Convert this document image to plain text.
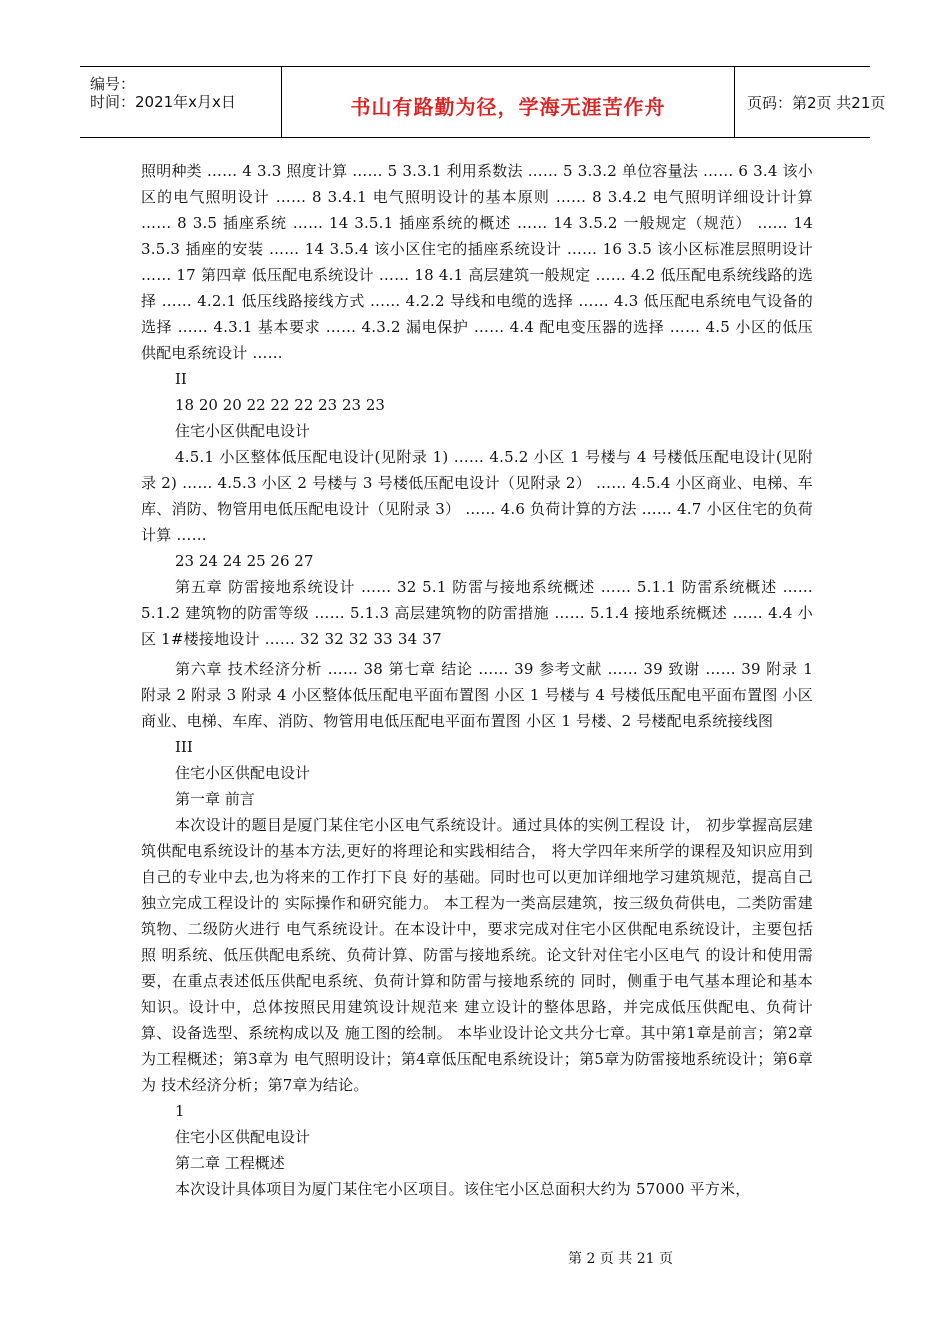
编号：
时间：2021年x月x日	书山有路勤为径，学海无涯苦作舟	页码：第2页 共21页

照明种类 …… 4 3.3 照度计算 …… 5 3.3.1 利用系数法 …… 5 3.3.2 单位容量法 …… 6 3.4 该小区的电气照明设计 …… 8 3.4.1 电气照明设计的基本原则 …… 8 3.4.2 电气照明详细设计计算 …… 8 3.5 插座系统 …… 14 3.5.1 插座系统的概述 …… 14 3.5.2 一般规定（规范） …… 14 3.5.3 插座的安装 …… 14 3.5.4 该小区住宅的插座系统设计 …… 16 3.5 该小区标准层照明设计 …… 17 第四章 低压配电系统设计 …… 18 4.1 高层建筑一般规定 …… 4.2 低压配电系统线路的选择 …… 4.2.1 低压线路接线方式 …… 4.2.2 导线和电缆的选择 …… 4.3 低压配电系统电气设备的选择 …… 4.3.1 基本要求 …… 4.3.2 漏电保护 …… 4.4 配电变压器的选择 …… 4.5 小区的低压供配电系统设计 ……

II
18 20 20 22 22 22 23 23 23
住宅小区供配电设计

4.5.1 小区整体低压配电设计(见附录 1) …… 4.5.2 小区 1 号楼与 4 号楼低压配电设计(见附录 2) …… 4.5.3 小区 2 号楼与 3 号楼低压配电设计（见附录 2） …… 4.5.4 小区商业、电梯、车库、消防、物管用电低压配电设计（见附录 3） …… 4.6 负荷计算的方法 …… 4.7 小区住宅的负荷计算 ……

23 24 24 25 26 27

第五章 防雷接地系统设计 …… 32 5.1 防雷与接地系统概述 …… 5.1.1 防雷系统概述 …… 5.1.2 建筑物的防雷等级 …… 5.1.3 高层建筑物的防雷措施 …… 5.1.4 接地系统概述 …… 4.4 小区 1#楼接地设计 …… 32 32 32 33 34 37

第六章 技术经济分析 …… 38 第七章 结论 …… 39 参考文献 …… 39 致谢 …… 39 附录 1 附录 2 附录 3 附录 4 小区整体低压配电平面布置图 小区 1 号楼与 4 号楼低压配电平面布置图 小区商业、电梯、车库、消防、物管用电低压配电平面布置图 小区 1 号楼、2 号楼配电系统接线图

III
住宅小区供配电设计
第一章 前言

本次设计的题目是厦门某住宅小区电气系统设计。通过具体的实例工程设 计， 初步掌握高层建筑供配电系统设计的基本方法,更好的将理论和实践相结合， 将大学四年来所学的课程及知识应用到自己的专业中去,也为将来的工作打下良 好的基础。同时也可以更加详细地学习建筑规范，提高自己独立完成工程设计的 实际操作和研究能力。 本工程为一类高层建筑，按三级负荷供电，二类防雷建筑物、二级防火进行 电气系统设计。在本设计中，要求完成对住宅小区供配电系统设计，主要包括照 明系统、低压供配电系统、负荷计算、防雷与接地系统。论文针对住宅小区电气 的设计和使用需要，在重点表述低压供配电系统、负荷计算和防雷与接地系统的 同时，侧重于电气基本理论和基本知识。设计中，总体按照民用建筑设计规范来 建立设计的整体思路，并完成低压供配电、负荷计算、设备选型、系统构成以及 施工图的绘制。 本毕业设计论文共分七章。其中第1章是前言；第2章为工程概述；第3章为 电气照明设计；第4章低压配电系统设计；第5章为防雷接地系统设计；第6章为 技术经济分析；第7章为结论。

1
住宅小区供配电设计
第二章 工程概述

本次设计具体项目为厦门某住宅小区项目。该住宅小区总面积大约为 57000 平方米，

第 2 页 共 21 页
